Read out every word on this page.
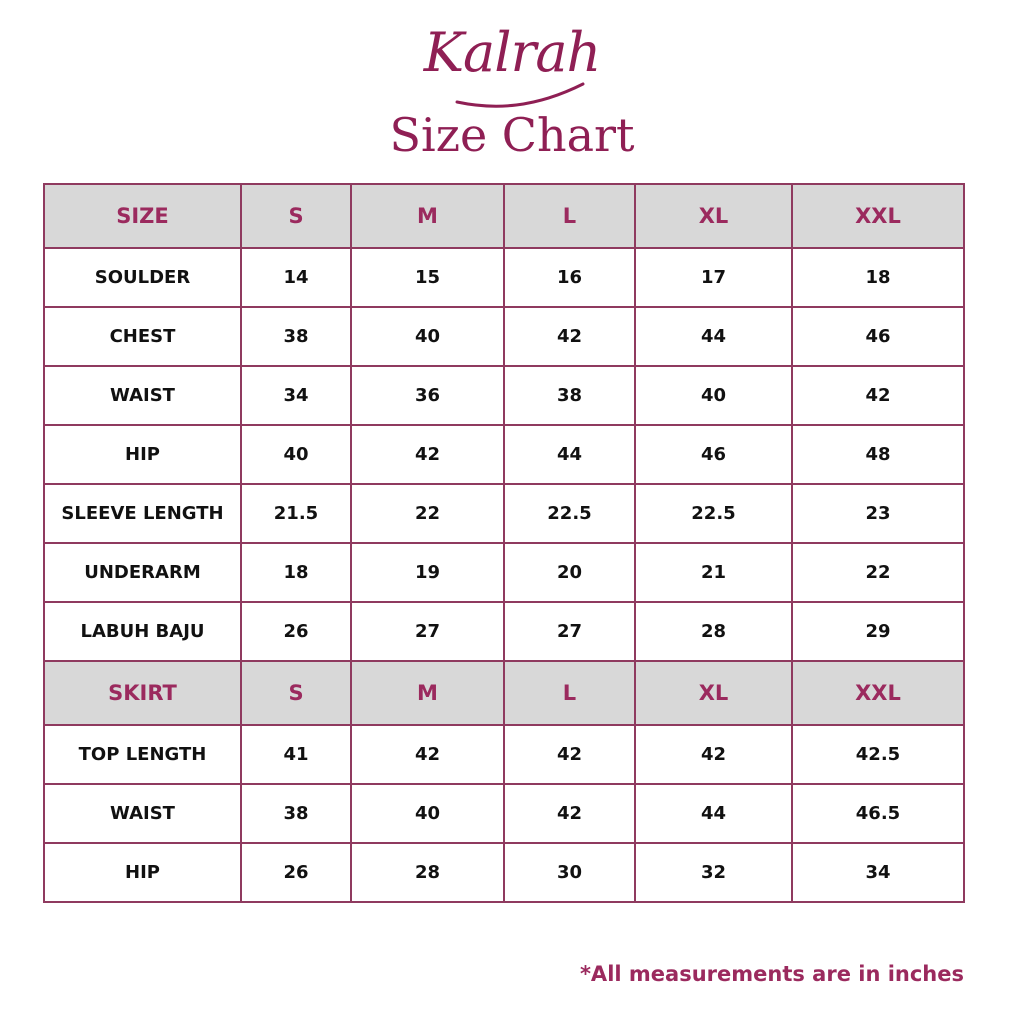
Kalrah
Size Chart
SIZE	S	M	L	XL	XXL
SOULDER	14	15	16	17	18
CHEST	38	40	42	44	46
WAIST	34	36	38	40	42
HIP	40	42	44	46	48
SLEEVE LENGTH	21.5	22	22.5	22.5	23
UNDERARM	18	19	20	21	22
LABUH BAJU	26	27	27	28	29
SKIRT	S	M	L	XL	XXL
TOP LENGTH	41	42	42	42	42.5
WAIST	38	40	42	44	46.5
HIP	26	28	30	32	34
*All measurements are in inches
